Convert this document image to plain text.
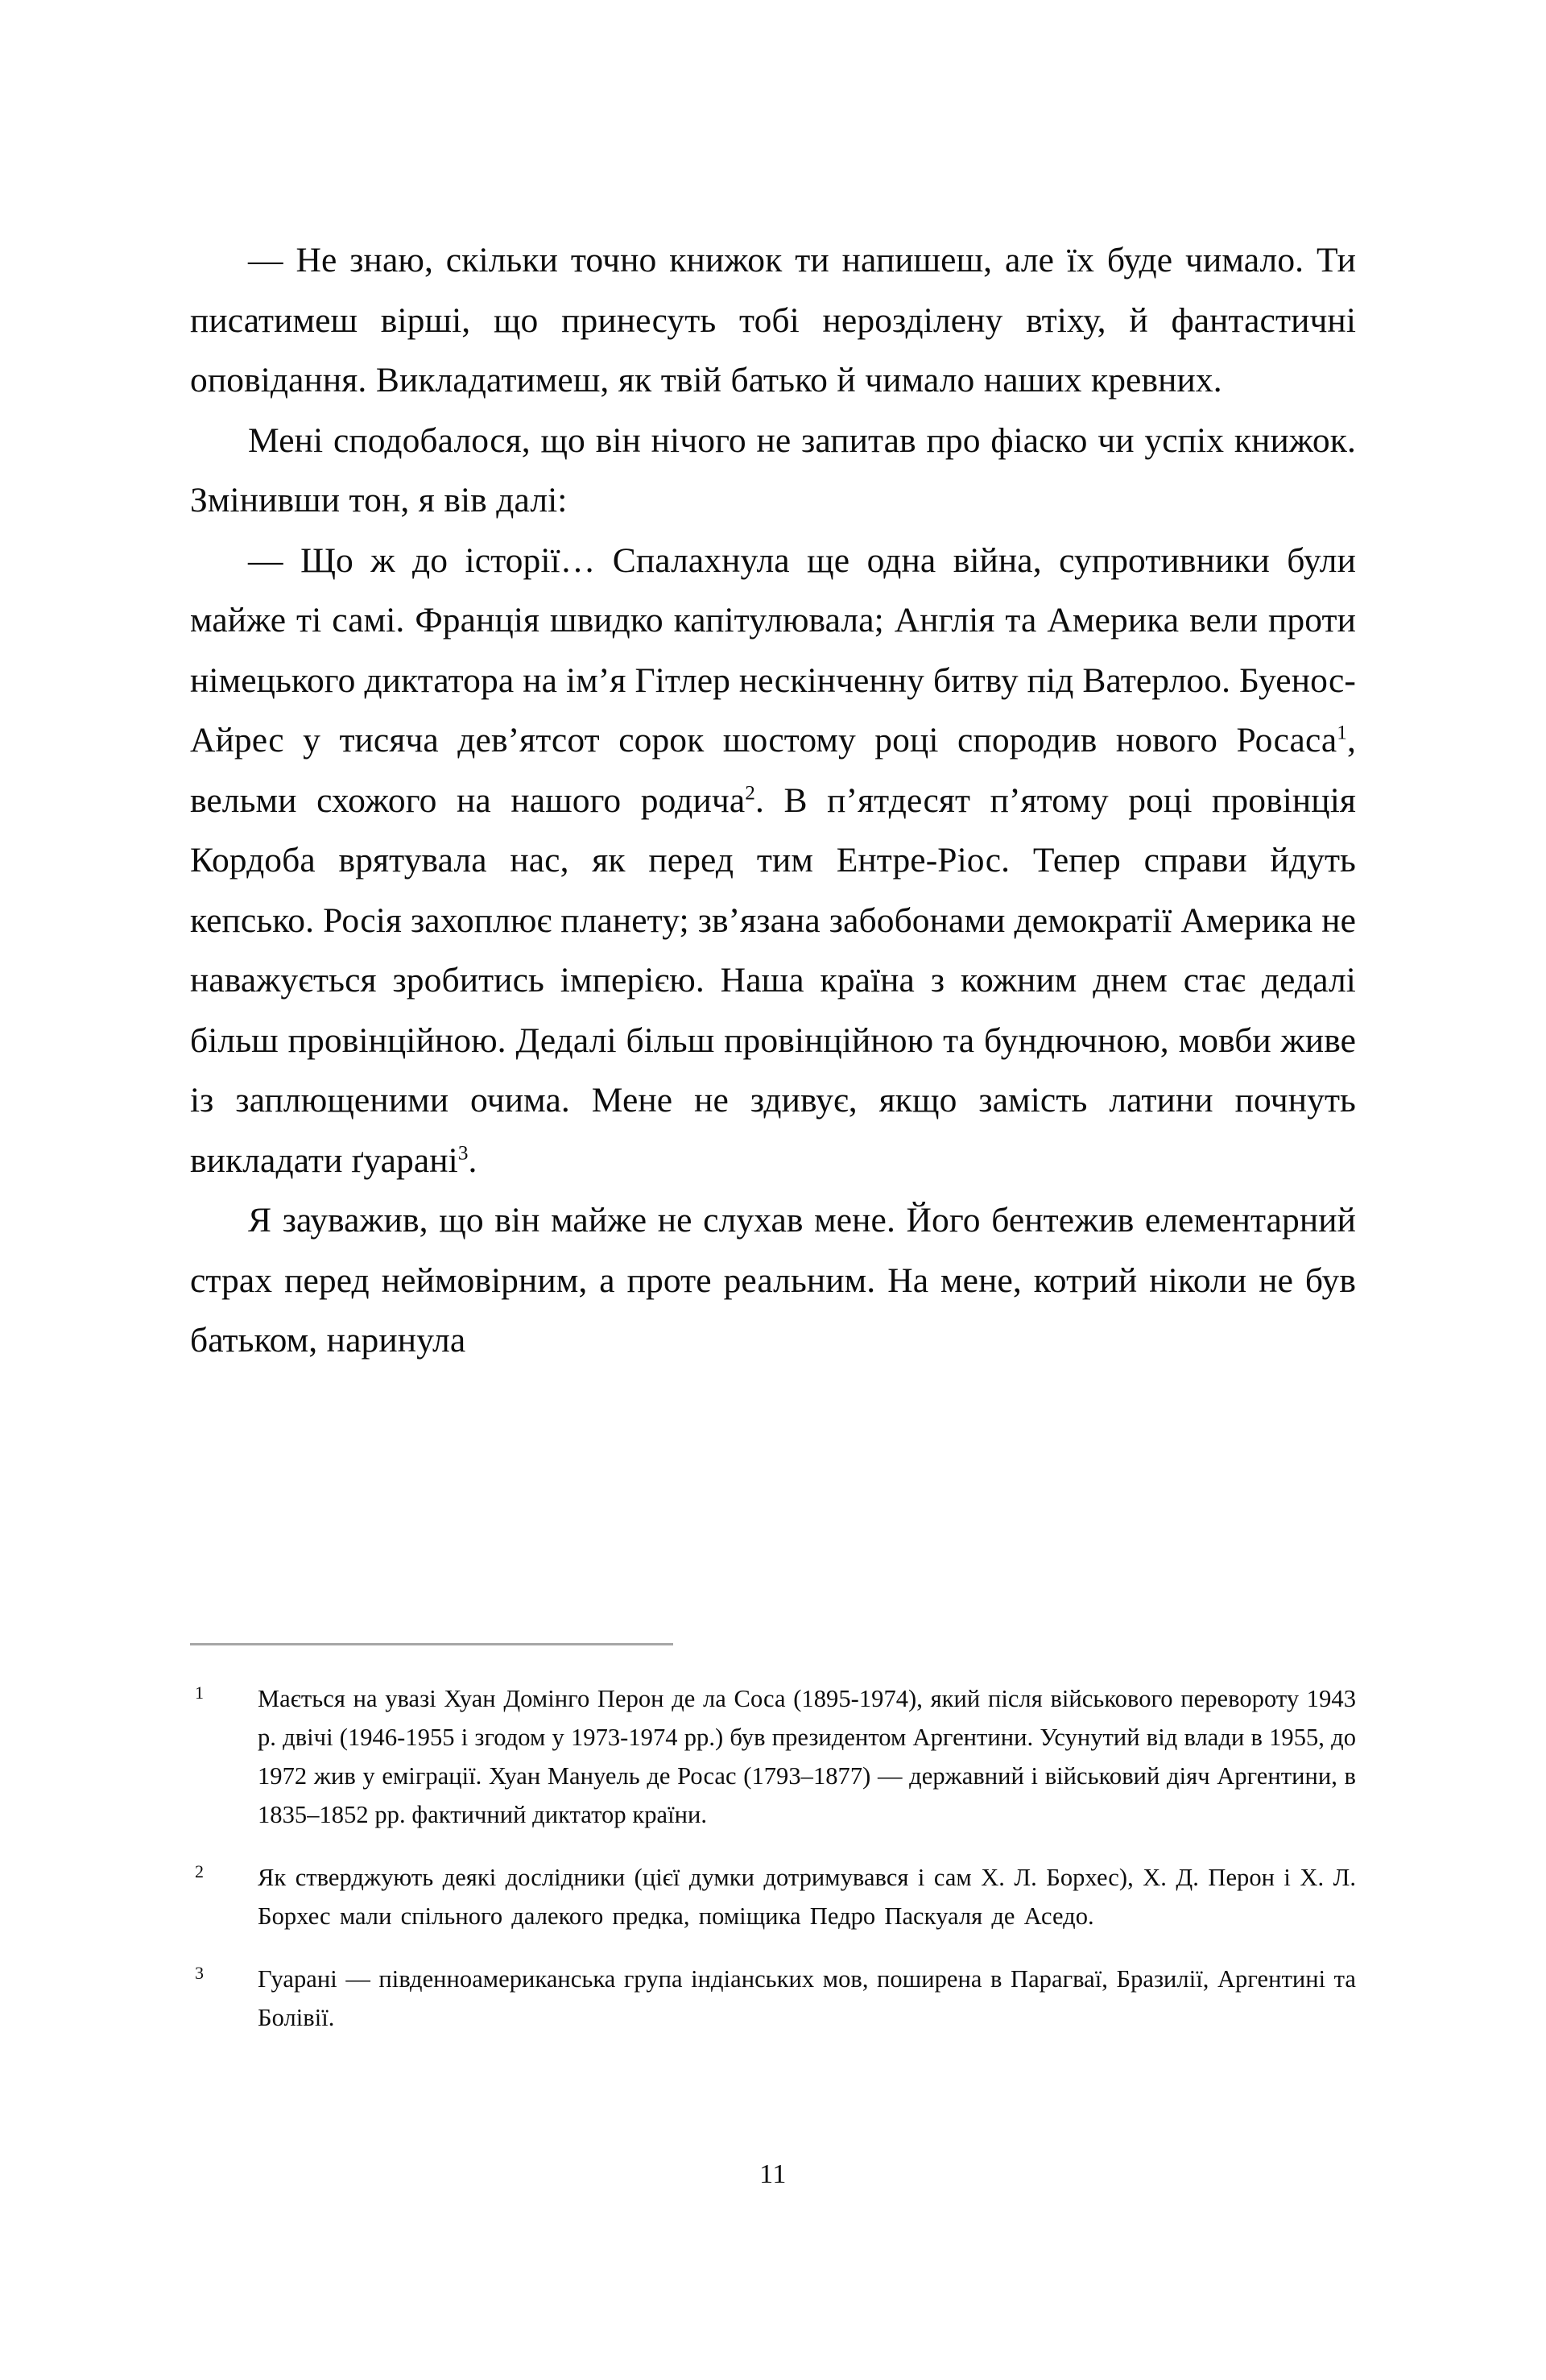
— Не знаю, скільки точно книжок ти напишеш, але їх буде чимало. Ти писатимеш вірші, що принесуть тобі нерозділену втіху, й фантастичні оповідання. Викладатимеш, як твій батько й чимало наших кревних.

Мені сподобалося, що він нічого не запитав про фіаско чи успіх книжок. Змінивши тон, я вів далі:

— Що ж до історії… Спалахнула ще одна війна, супротивники були майже ті самі. Франція швидко капітулювала; Англія та Америка вели проти німецького диктатора на ім’я Гітлер нескінченну битву під Ватерлоо. Буенос-Айрес у тисяча дев’ятсот сорок шостому році спородив нового Росаса$^1$, вельми схожого на нашого родича$^2$. В п’ятдесят п’ятому році провінція Кордоба врятувала нас, як перед тим Ентре-Ріос. Тепер справи йдуть кепсько. Росія захоплює планету; зв’язана забобонами демократії Америка не наважується зробитись імперією. Наша країна з кожним днем стає дедалі більш провінційною. Дедалі більш провінційною та бундючною, мовби живе із заплющеними очима. Мене не здивує, якщо замість латини почнуть викладати ґуарані$^3$.

Я зауважив, що він майже не слухав мене. Його бентежив елементарний страх перед неймовірним, а проте реальним. На мене, котрий ніколи не був батьком, наринула

1 Мається на увазі Хуан Домінго Перон де ла Соса (1895-1974), який після військового перевороту 1943 р. двічі (1946-1955 і згодом у 1973-1974 рр.) був президентом Аргентини. Усунутий від влади в 1955, до 1972 жив у еміграції. Хуан Мануель де Росас (1793–1877) — державний і військовий діяч Аргентини, в 1835–1852 рр. фактичний диктатор країни.
2 Як стверджують деякі дослідники (цієї думки дотримувався і сам Х. Л. Борхес), Х. Д. Перон і Х. Л. Борхес мали спільного далекого предка, поміщика Педро Паскуаля де Аседо.
3 Гуарані — південноамериканська група індіанських мов, поширена в Парагваї, Бразилії, Аргентині та Болівії.
11
